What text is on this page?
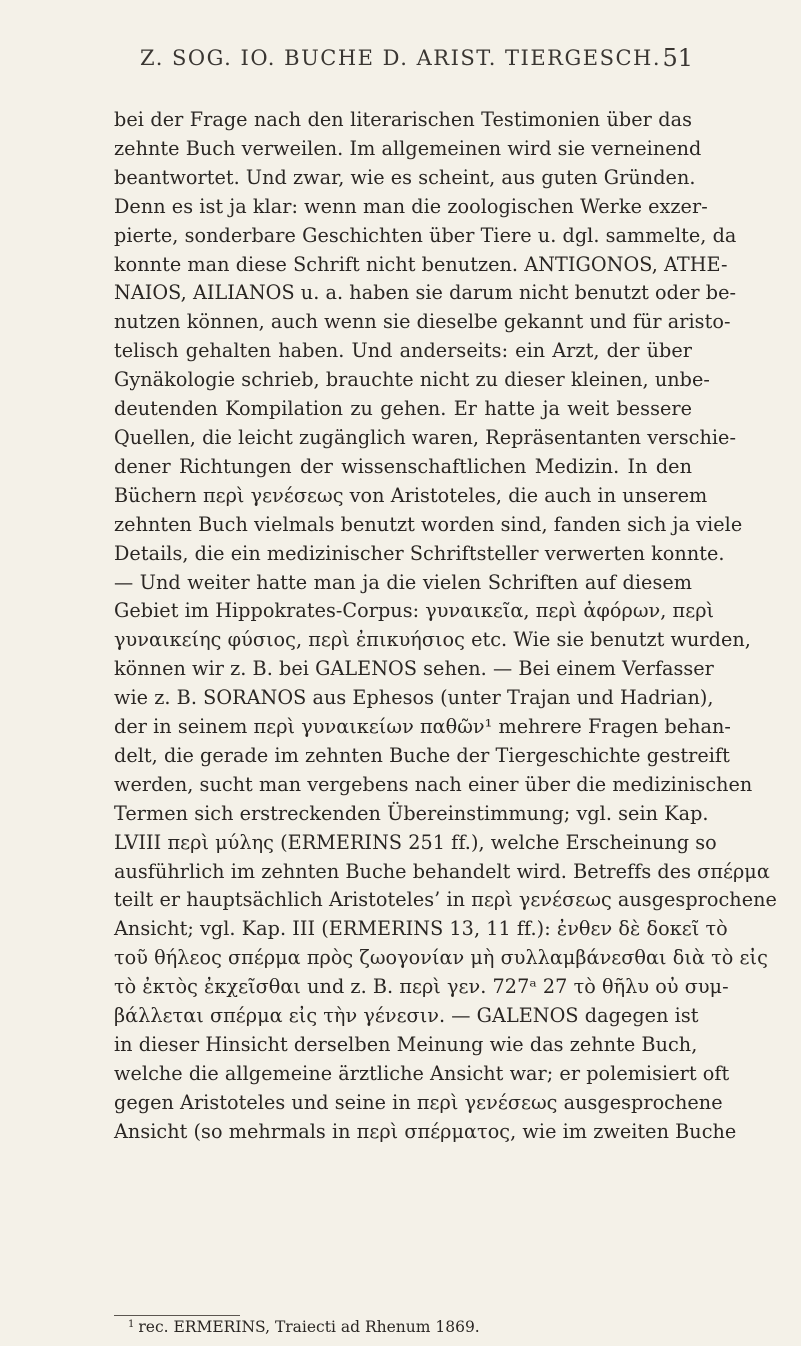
Z. SOG. IO. BUCHE D. ARIST. TIERGESCH. 51
bei der Frage nach den literarischen Testimonien über das
zehnte Buch verweilen. Im allgemeinen wird sie verneinend
beantwortet. Und zwar, wie es scheint, aus guten Gründen.
Denn es ist ja klar: wenn man die zoologischen Werke exzer-
pierte, sonderbare Geschichten über Tiere u. dgl. sammelte, da
konnte man diese Schrift nicht benutzen. ANTIGONOS, ATHE-
NAIOS, AILIANOS u. a. haben sie darum nicht benutzt oder be-
nutzen können, auch wenn sie dieselbe gekannt und für aristo-
telisch gehalten haben. Und anderseits: ein Arzt, der über
Gynäkologie schrieb, brauchte nicht zu dieser kleinen, unbe-
deutenden Kompilation zu gehen. Er hatte ja weit bessere
Quellen, die leicht zugänglich waren, Repräsentanten verschie-
dener Richtungen der wissenschaftlichen Medizin. In den
Büchern περὶ γενέσεως von Aristoteles, die auch in unserem
zehnten Buch vielmals benutzt worden sind, fanden sich ja viele
Details, die ein medizinischer Schriftsteller verwerten konnte.
— Und weiter hatte man ja die vielen Schriften auf diesem
Gebiet im Hippokrates-Corpus: γυναικεῖα, περὶ ἀφόρων, περὶ
γυναικείης φύσιος, περὶ ἐπικυήσιος etc. Wie sie benutzt wurden,
können wir z. B. bei GALENOS sehen. — Bei einem Verfasser
wie z. B. SORANOS aus Ephesos (unter Trajan und Hadrian),
der in seinem περὶ γυναικείων παθῶν¹ mehrere Fragen behan-
delt, die gerade im zehnten Buche der Tiergeschichte gestreift
werden, sucht man vergebens nach einer über die medizinischen
Termen sich erstreckenden Übereinstimmung; vgl. sein Kap.
LVIII περὶ μύλης (ERMERINS 251 ff.), welche Erscheinung so
ausführlich im zehnten Buche behandelt wird. Betreffs des σπέρμα
teilt er hauptsächlich Aristoteles’ in περὶ γενέσεως ausgesprochene
Ansicht; vgl. Kap. III (ERMERINS 13, 11 ff.): ἐνθεν δὲ δοκεῖ τὸ
τοῦ θήλεος σπέρμα πρὸς ζωογονίαν μὴ συλλαμβάνεσθαι διὰ τὸ εἰς
τὸ ἐκτὸς ἐκχεῖσθαι und z. B. περὶ γεν. 727ᵃ 27 τὸ θῆλυ οὐ συμ-
βάλλεται σπέρμα εἰς τὴν γένεσιν. — GALENOS dagegen ist
in dieser Hinsicht derselben Meinung wie das zehnte Buch,
welche die allgemeine ärztliche Ansicht war; er polemisiert oft
gegen Aristoteles und seine in περὶ γενέσεως ausgesprochene
Ansicht (so mehrmals in περὶ σπέρματος, wie im zweiten Buche
$^1$ rec. ERMERINS, Traiecti ad Rhenum 1869.
